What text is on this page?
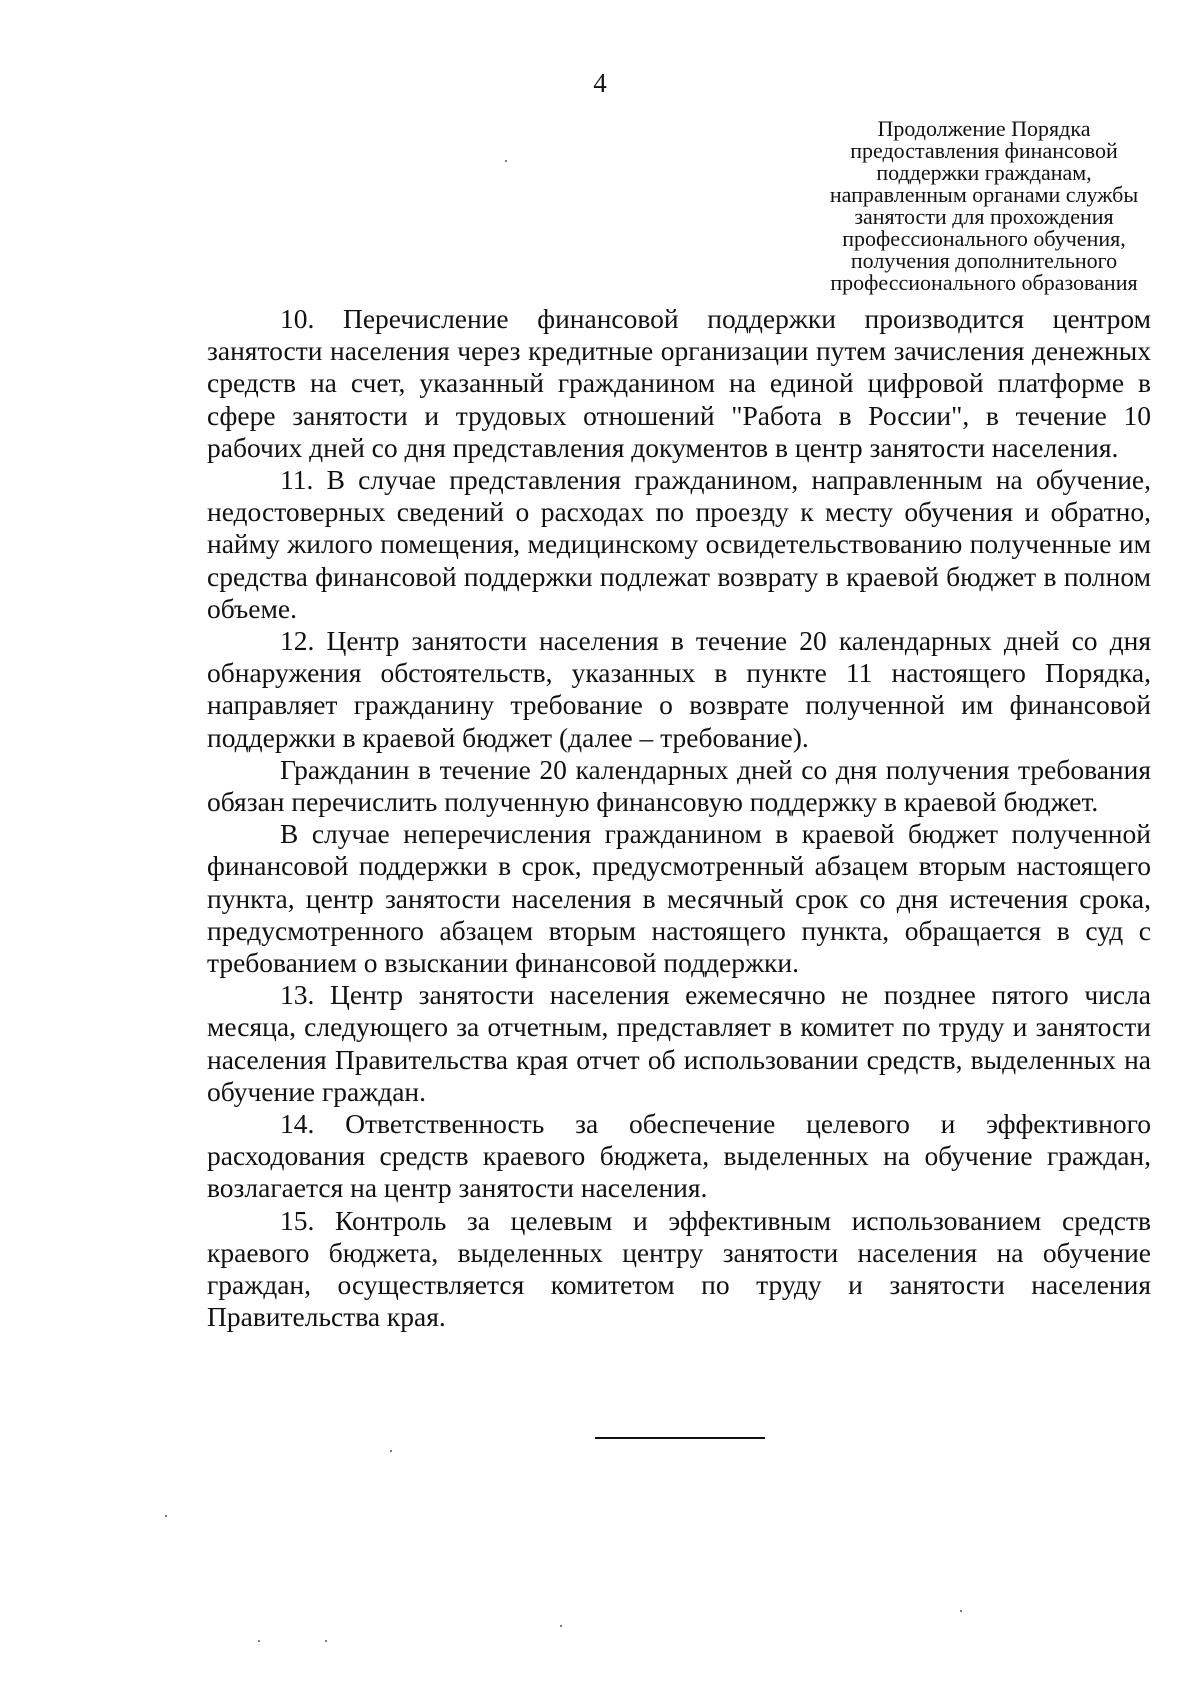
4
Продолжение Порядка
предоставления финансовой
поддержки гражданам,
направленным органами службы
занятости для прохождения
профессионального обучения,
получения дополнительного
профессионального образования

10. Перечисление финансовой поддержки производится центром занятости населения через кредитные организации путем зачисления денежных средств на счет, указанный гражданином на единой цифровой платформе в сфере занятости и трудовых отношений "Работа в России", в течение 10 рабочих дней со дня представления документов в центр занятости населения.

11. В случае представления гражданином, направленным на обучение, недостоверных сведений о расходах по проезду к месту обучения и обратно, найму жилого помещения, медицинскому освидетельствованию полученные им средства финансовой поддержки подлежат возврату в краевой бюджет в полном объеме.

12. Центр занятости населения в течение 20 календарных дней со дня обнаружения обстоятельств, указанных в пункте 11 настоящего Порядка, направляет гражданину требование о возврате полученной им финансовой поддержки в краевой бюджет (далее – требование).

Гражданин в течение 20 календарных дней со дня получения требования обязан перечислить полученную финансовую поддержку в краевой бюджет.

В случае неперечисления гражданином в краевой бюджет полученной финансовой поддержки в срок, предусмотренный абзацем вторым настоящего пункта, центр занятости населения в месячный срок со дня истечения срока, предусмотренного абзацем вторым настоящего пункта, обращается в суд с требованием о взыскании финансовой поддержки.

13. Центр занятости населения ежемесячно не позднее пятого числа месяца, следующего за отчетным, представляет в комитет по труду и занятости населения Правительства края отчет об использовании средств, выделенных на обучение граждан.

14. Ответственность за обеспечение целевого и эффективного расходования средств краевого бюджета, выделенных на обучение граждан, возлагается на центр занятости населения.

15. Контроль за целевым и эффективным использованием средств краевого бюджета, выделенных центру занятости населения на обучение граждан, осуществляется комитетом по труду и занятости населения Правительства края.
